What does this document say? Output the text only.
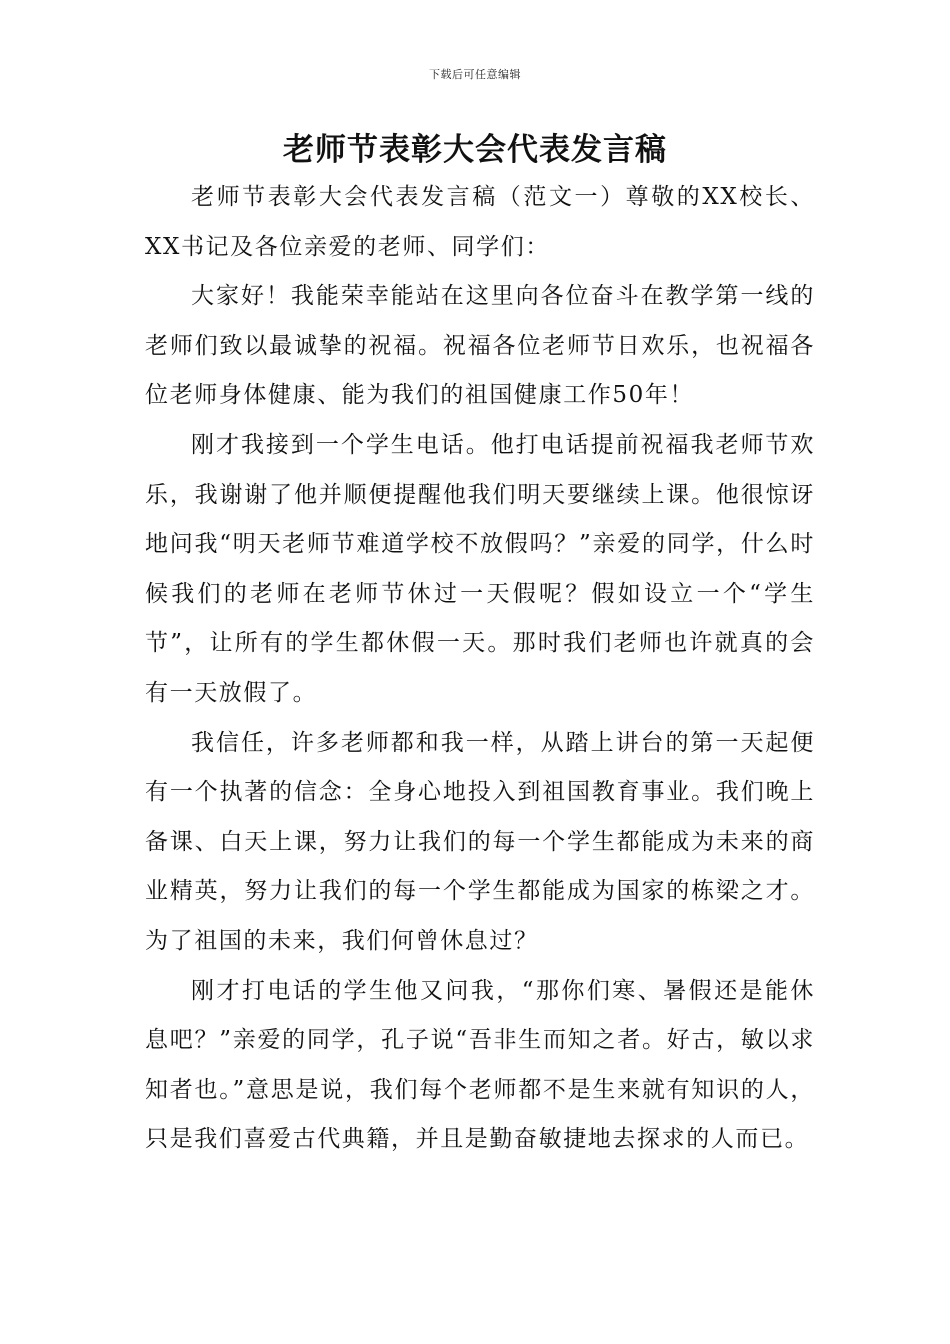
下载后可任意编辑
老师节表彰大会代表发言稿

老师节表彰大会代表发言稿（范文一）尊敬的XX校长、XX书记及各位亲爱的老师、同学们：

大家好！我能荣幸能站在这里向各位奋斗在教学第一线的老师们致以最诚挚的祝福。祝福各位老师节日欢乐，也祝福各位老师身体健康、能为我们的祖国健康工作50年！

刚才我接到一个学生电话。他打电话提前祝福我老师节欢乐，我谢谢了他并顺便提醒他我们明天要继续上课。他很惊讶地问我“明天老师节难道学校不放假吗？”亲爱的同学，什么时候我们的老师在老师节休过一天假呢？假如设立一个“学生节”，让所有的学生都休假一天。那时我们老师也许就真的会有一天放假了。

我信任，许多老师都和我一样，从踏上讲台的第一天起便有一个执著的信念：全身心地投入到祖国教育事业。我们晚上备课、白天上课，努力让我们的每一个学生都能成为未来的商业精英，努力让我们的每一个学生都能成为国家的栋梁之才。为了祖国的未来，我们何曾休息过？

刚才打电话的学生他又问我，“那你们寒、暑假还是能休息吧？”亲爱的同学，孔子说“吾非生而知之者。好古，敏以求知者也。”意思是说，我们每个老师都不是生来就有知识的人，只是我们喜爱古代典籍，并且是勤奋敏捷地去探求的人而已。
